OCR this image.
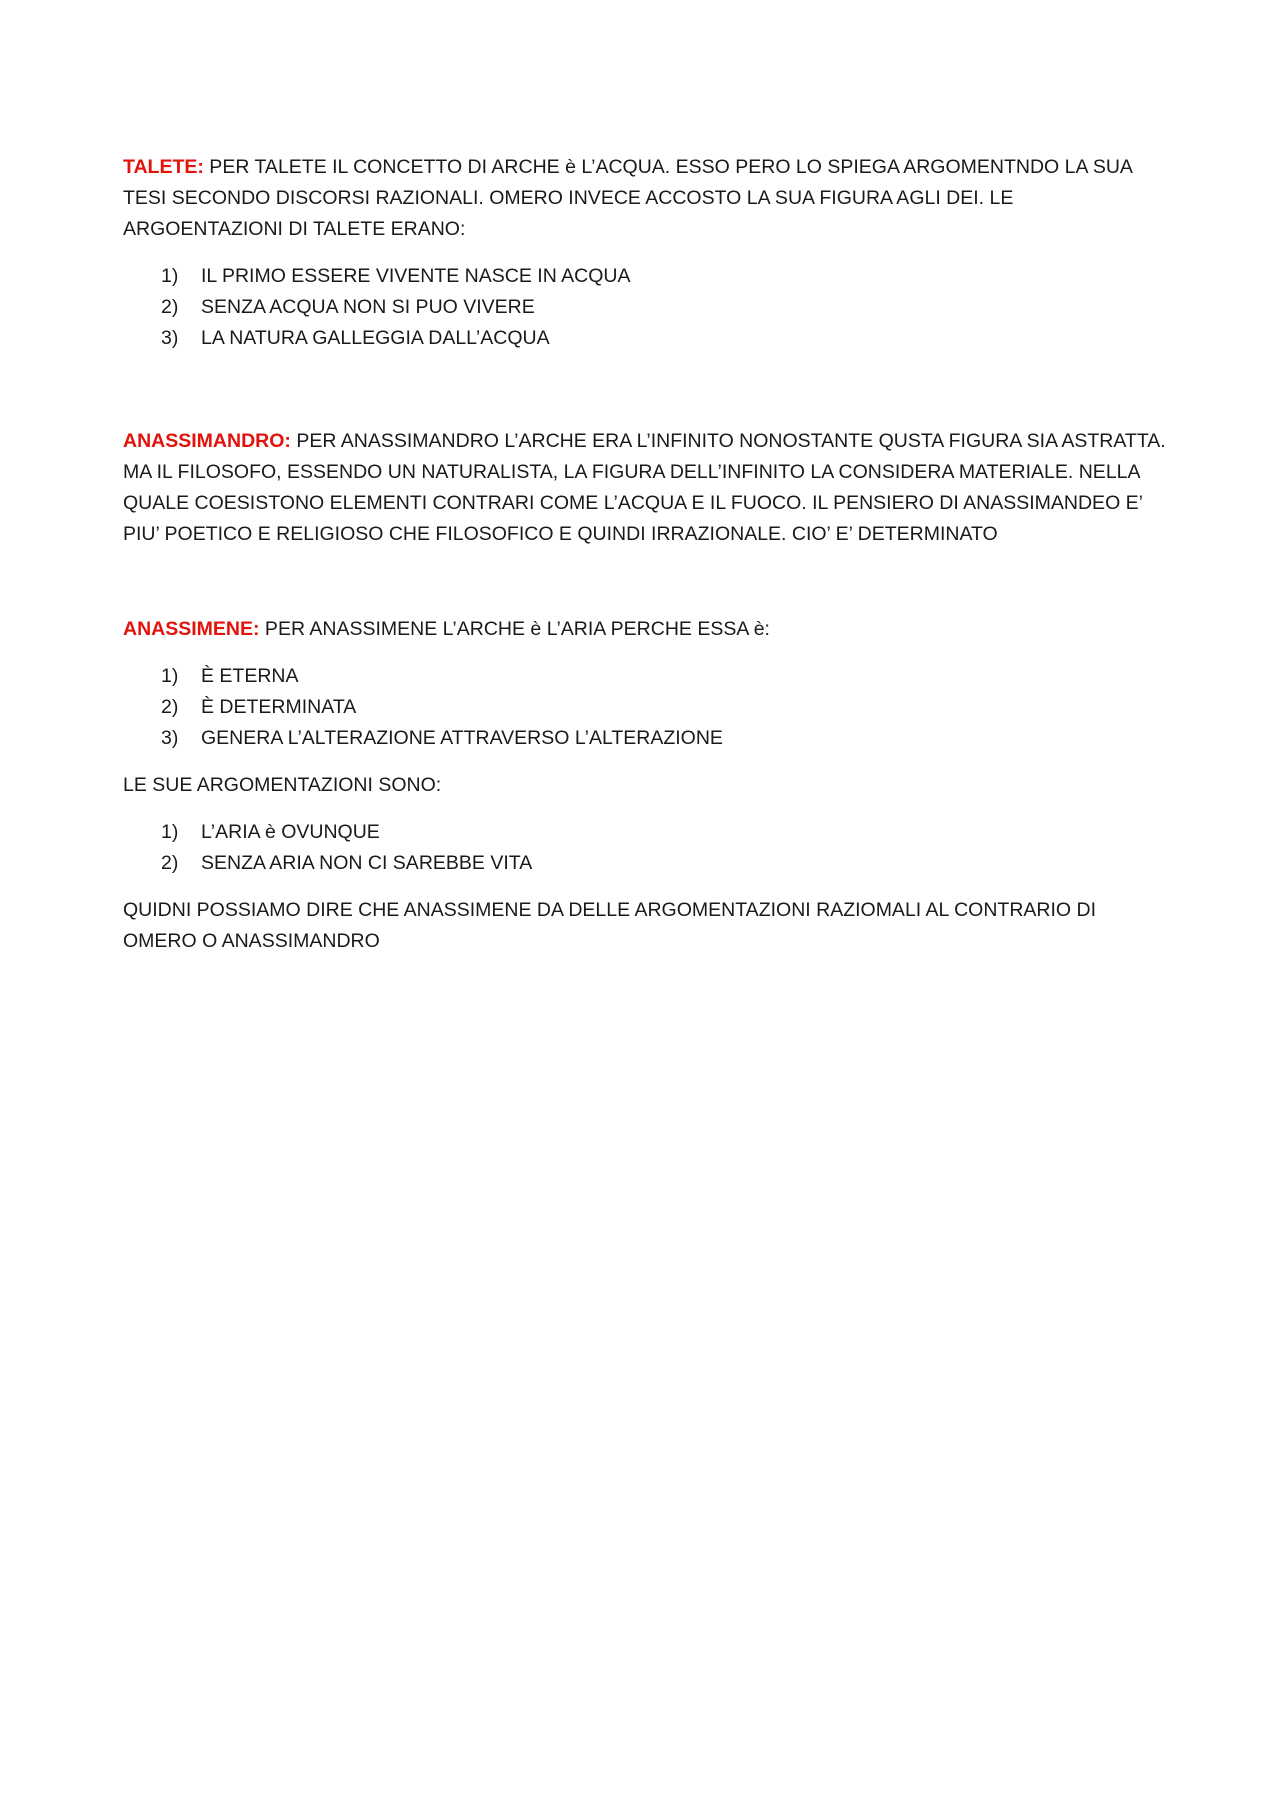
TALETE: PER TALETE IL CONCETTO DI ARCHE è L’ACQUA. ESSO PERO LO SPIEGA ARGOMENTNDO LA SUA TESI SECONDO DISCORSI RAZIONALI. OMERO INVECE ACCOSTO LA SUA FIGURA AGLI DEI. LE ARGOENTAZIONI DI TALETE ERANO:

1) IL PRIMO ESSERE VIVENTE NASCE IN ACQUA
2) SENZA ACQUA NON SI PUO VIVERE
3) LA NATURA GALLEGGIA DALL’ACQUA

ANASSIMANDRO: PER ANASSIMANDRO L’ARCHE ERA L’INFINITO NONOSTANTE QUSTA FIGURA SIA ASTRATTA. MA IL FILOSOFO, ESSENDO UN NATURALISTA, LA FIGURA DELL’INFINITO LA CONSIDERA MATERIALE. NELLA QUALE COESISTONO ELEMENTI CONTRARI COME L’ACQUA E IL FUOCO. IL PENSIERO DI ANASSIMANDEO E’ PIU’ POETICO E RELIGIOSO CHE FILOSOFICO E QUINDI IRRAZIONALE. CIO’ E’ DETERMINATO

ANASSIMENE: PER ANASSIMENE L’ARCHE è L’ARIA PERCHE ESSA è:

1) È ETERNA
2) È DETERMINATA
3) GENERA L’ALTERAZIONE ATTRAVERSO L’ALTERAZIONE

LE SUE ARGOMENTAZIONI SONO:

1) L’ARIA è OVUNQUE
2) SENZA ARIA NON CI SAREBBE VITA

QUIDNI POSSIAMO DIRE CHE ANASSIMENE DA DELLE ARGOMENTAZIONI RAZIOMALI AL CONTRARIO DI OMERO O ANASSIMANDRO
